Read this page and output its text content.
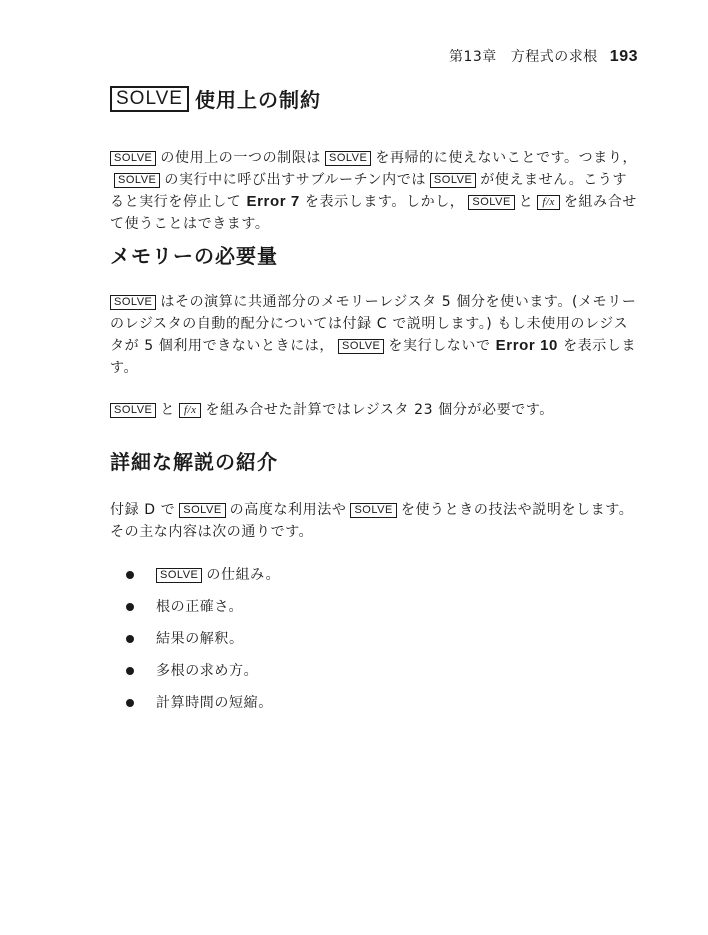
第13章 方程式の求根 193
SOLVE 使用上の制約

SOLVE の使用上の一つの制限は SOLVE を再帰的に使えないことです。つまり，SOLVE の実行中に呼び出すサブルーチン内では SOLVE が使えません。こうすると実行を停止して Error 7 を表示します。しかし， SOLVE と f/x を組み合せて使うことはできます。

メモリーの必要量

SOLVE はその演算に共通部分のメモリーレジスタ 5 個分を使います。(メモリーのレジスタの自動的配分については付録 C で説明します。) もし未使用のレジスタが 5 個利用できないときには， SOLVE を実行しないで Error 10 を表示します。

SOLVE と f/x を組み合せた計算ではレジスタ 23 個分が必要です。

詳細な解説の紹介

付録 D で SOLVE の高度な利用法や SOLVE を使うときの技法や説明をします。その主な内容は次の通りです。

SOLVE の仕組み。
根の正確さ。
結果の解釈。
多根の求め方。
計算時間の短縮。
